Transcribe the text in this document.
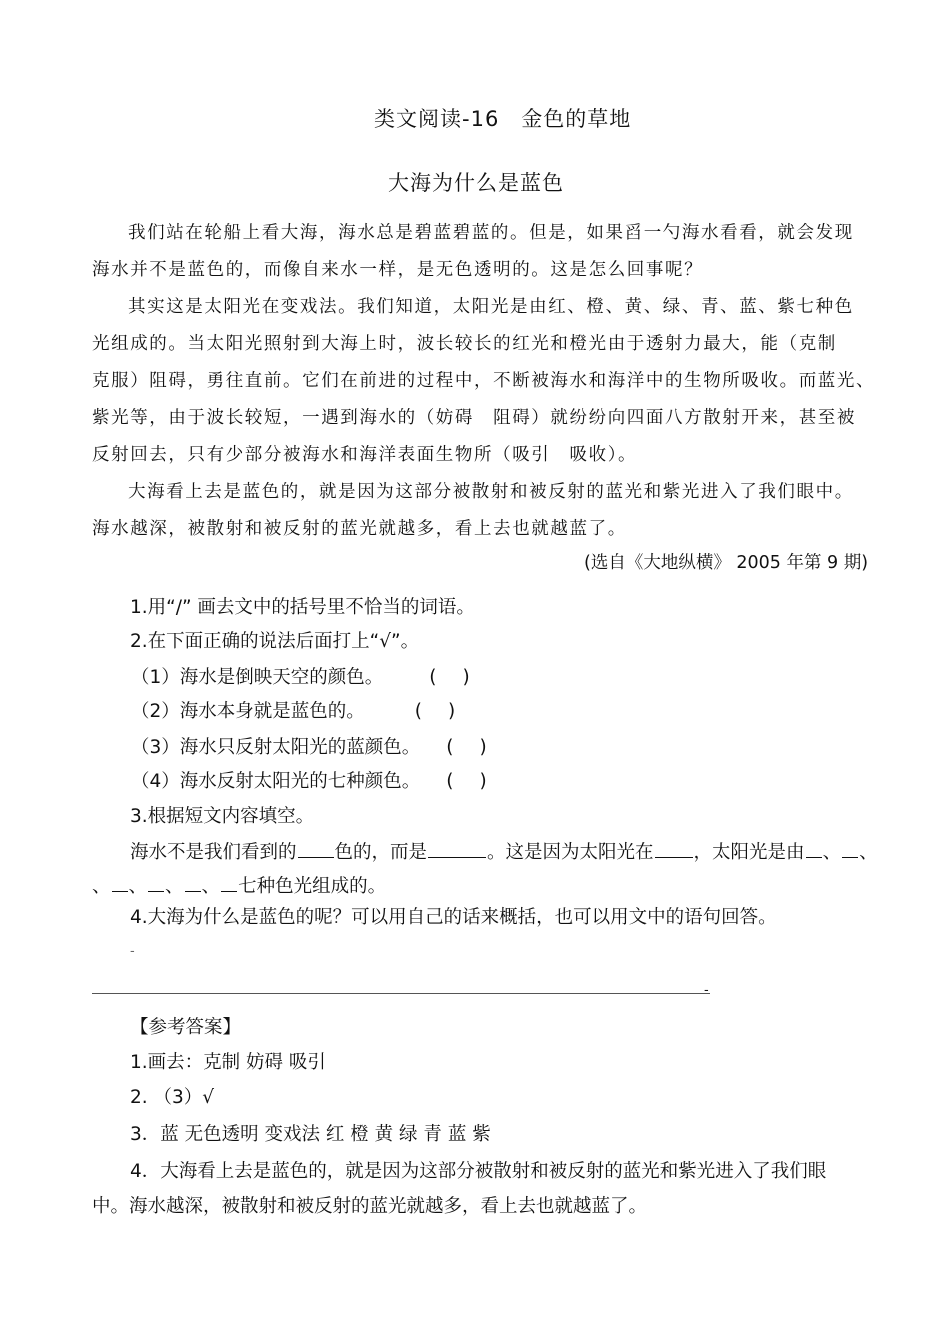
类文阅读-16　金色的草地
大海为什么是蓝色
我们站在轮船上看大海，海水总是碧蓝碧蓝的。但是，如果舀一勺海水看看，就会发现
海水并不是蓝色的，而像自来水一样，是无色透明的。这是怎么回事呢？
其实这是太阳光在变戏法。我们知道，太阳光是由红、橙、黄、绿、青、蓝、紫七种色
光组成的。当太阳光照射到大海上时，波长较长的红光和橙光由于透射力最大，能（克制
克服）阻碍，勇往直前。它们在前进的过程中，不断被海水和海洋中的生物所吸收。而蓝光、
紫光等，由于波长较短，一遇到海水的（妨碍　阻碍）就纷纷向四面八方散射开来，甚至被
反射回去，只有少部分被海水和海洋表面生物所（吸引　吸收）。
大海看上去是蓝色的，就是因为这部分被散射和被反射的蓝光和紫光进入了我们眼中。
海水越深，被散射和被反射的蓝光就越多，看上去也就越蓝了。
(选自《大地纵横》 2005 年第 9 期)
1.用“/” 画去文中的括号里不恰当的词语。
2.在下面正确的说法后面打上“√”。
（1）海水是倒映天空的颜色。 ( )
（2）海水本身就是蓝色的。	( )
（3）海水只反射太阳光的蓝颜色。 ( )
（4）海水反射太阳光的七种颜色。 ( )
3.根据短文内容填空。
海水不是我们看到的 色的，而是	。这是因为太阳光在 ，太阳光是由 、 、
、 、 、 、 七种色光组成的。
4.大海为什么是蓝色的呢？可以用自己的话来概括，也可以用文中的语句回答。
-
-
【参考答案】
1.画去：克制 妨碍 吸引
2. （3）√
3．蓝 无色透明 变戏法 红 橙 黄 绿 青 蓝 紫
4．大海看上去是蓝色的，就是因为这部分被散射和被反射的蓝光和紫光进入了我们眼
中。海水越深，被散射和被反射的蓝光就越多，看上去也就越蓝了。
